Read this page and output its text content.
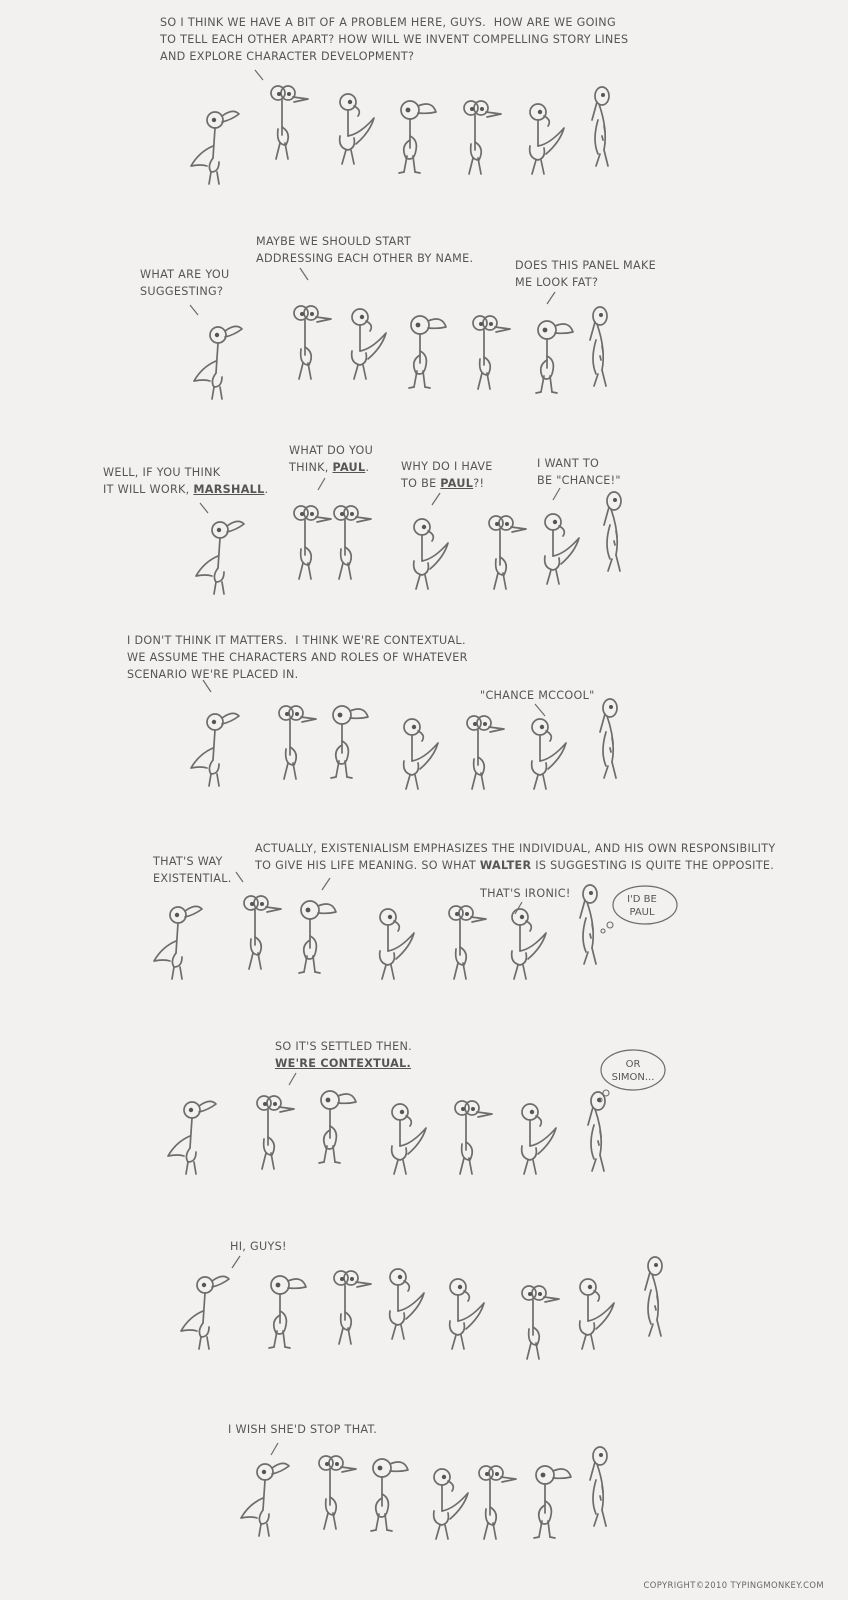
SO I THINK WE HAVE A BIT OF A PROBLEM HERE, GUYS.  HOW ARE WE GOING
TO TELL EACH OTHER APART? HOW WILL WE INVENT COMPELLING STORY LINES
AND EXPLORE CHARACTER DEVELOPMENT?
MAYBE WE SHOULD START
ADDRESSING EACH OTHER BY NAME.
WHAT ARE YOU
SUGGESTING?
DOES THIS PANEL MAKE
ME LOOK FAT?
WHAT DO YOU
THINK, PAUL.
WELL, IF YOU THINK
IT WILL WORK, MARSHALL.
WHY DO I HAVE
TO BE PAUL?!
I WANT TO
BE "CHANCE!"
I DON'T THINK IT MATTERS.  I THINK WE'RE CONTEXTUAL.
WE ASSUME THE CHARACTERS AND ROLES OF WHATEVER
SCENARIO WE'RE PLACED IN.
"CHANCE MCCOOL"
THAT'S WAY
EXISTENTIAL.
ACTUALLY, EXISTENIALISM EMPHASIZES THE INDIVIDUAL, AND HIS OWN RESPONSIBILITY
TO GIVE HIS LIFE MEANING. SO WHAT WALTER IS SUGGESTING IS QUITE THE OPPOSITE.
THAT'S IRONIC!	I'D BE
PAUL
SO IT'S SETTLED THEN.
WE'RE CONTEXTUAL.	OR
SIMON...
HI, GUYS!
I WISH SHE'D STOP THAT.
COPYRIGHT©2010 TYPINGMONKEY.COM
